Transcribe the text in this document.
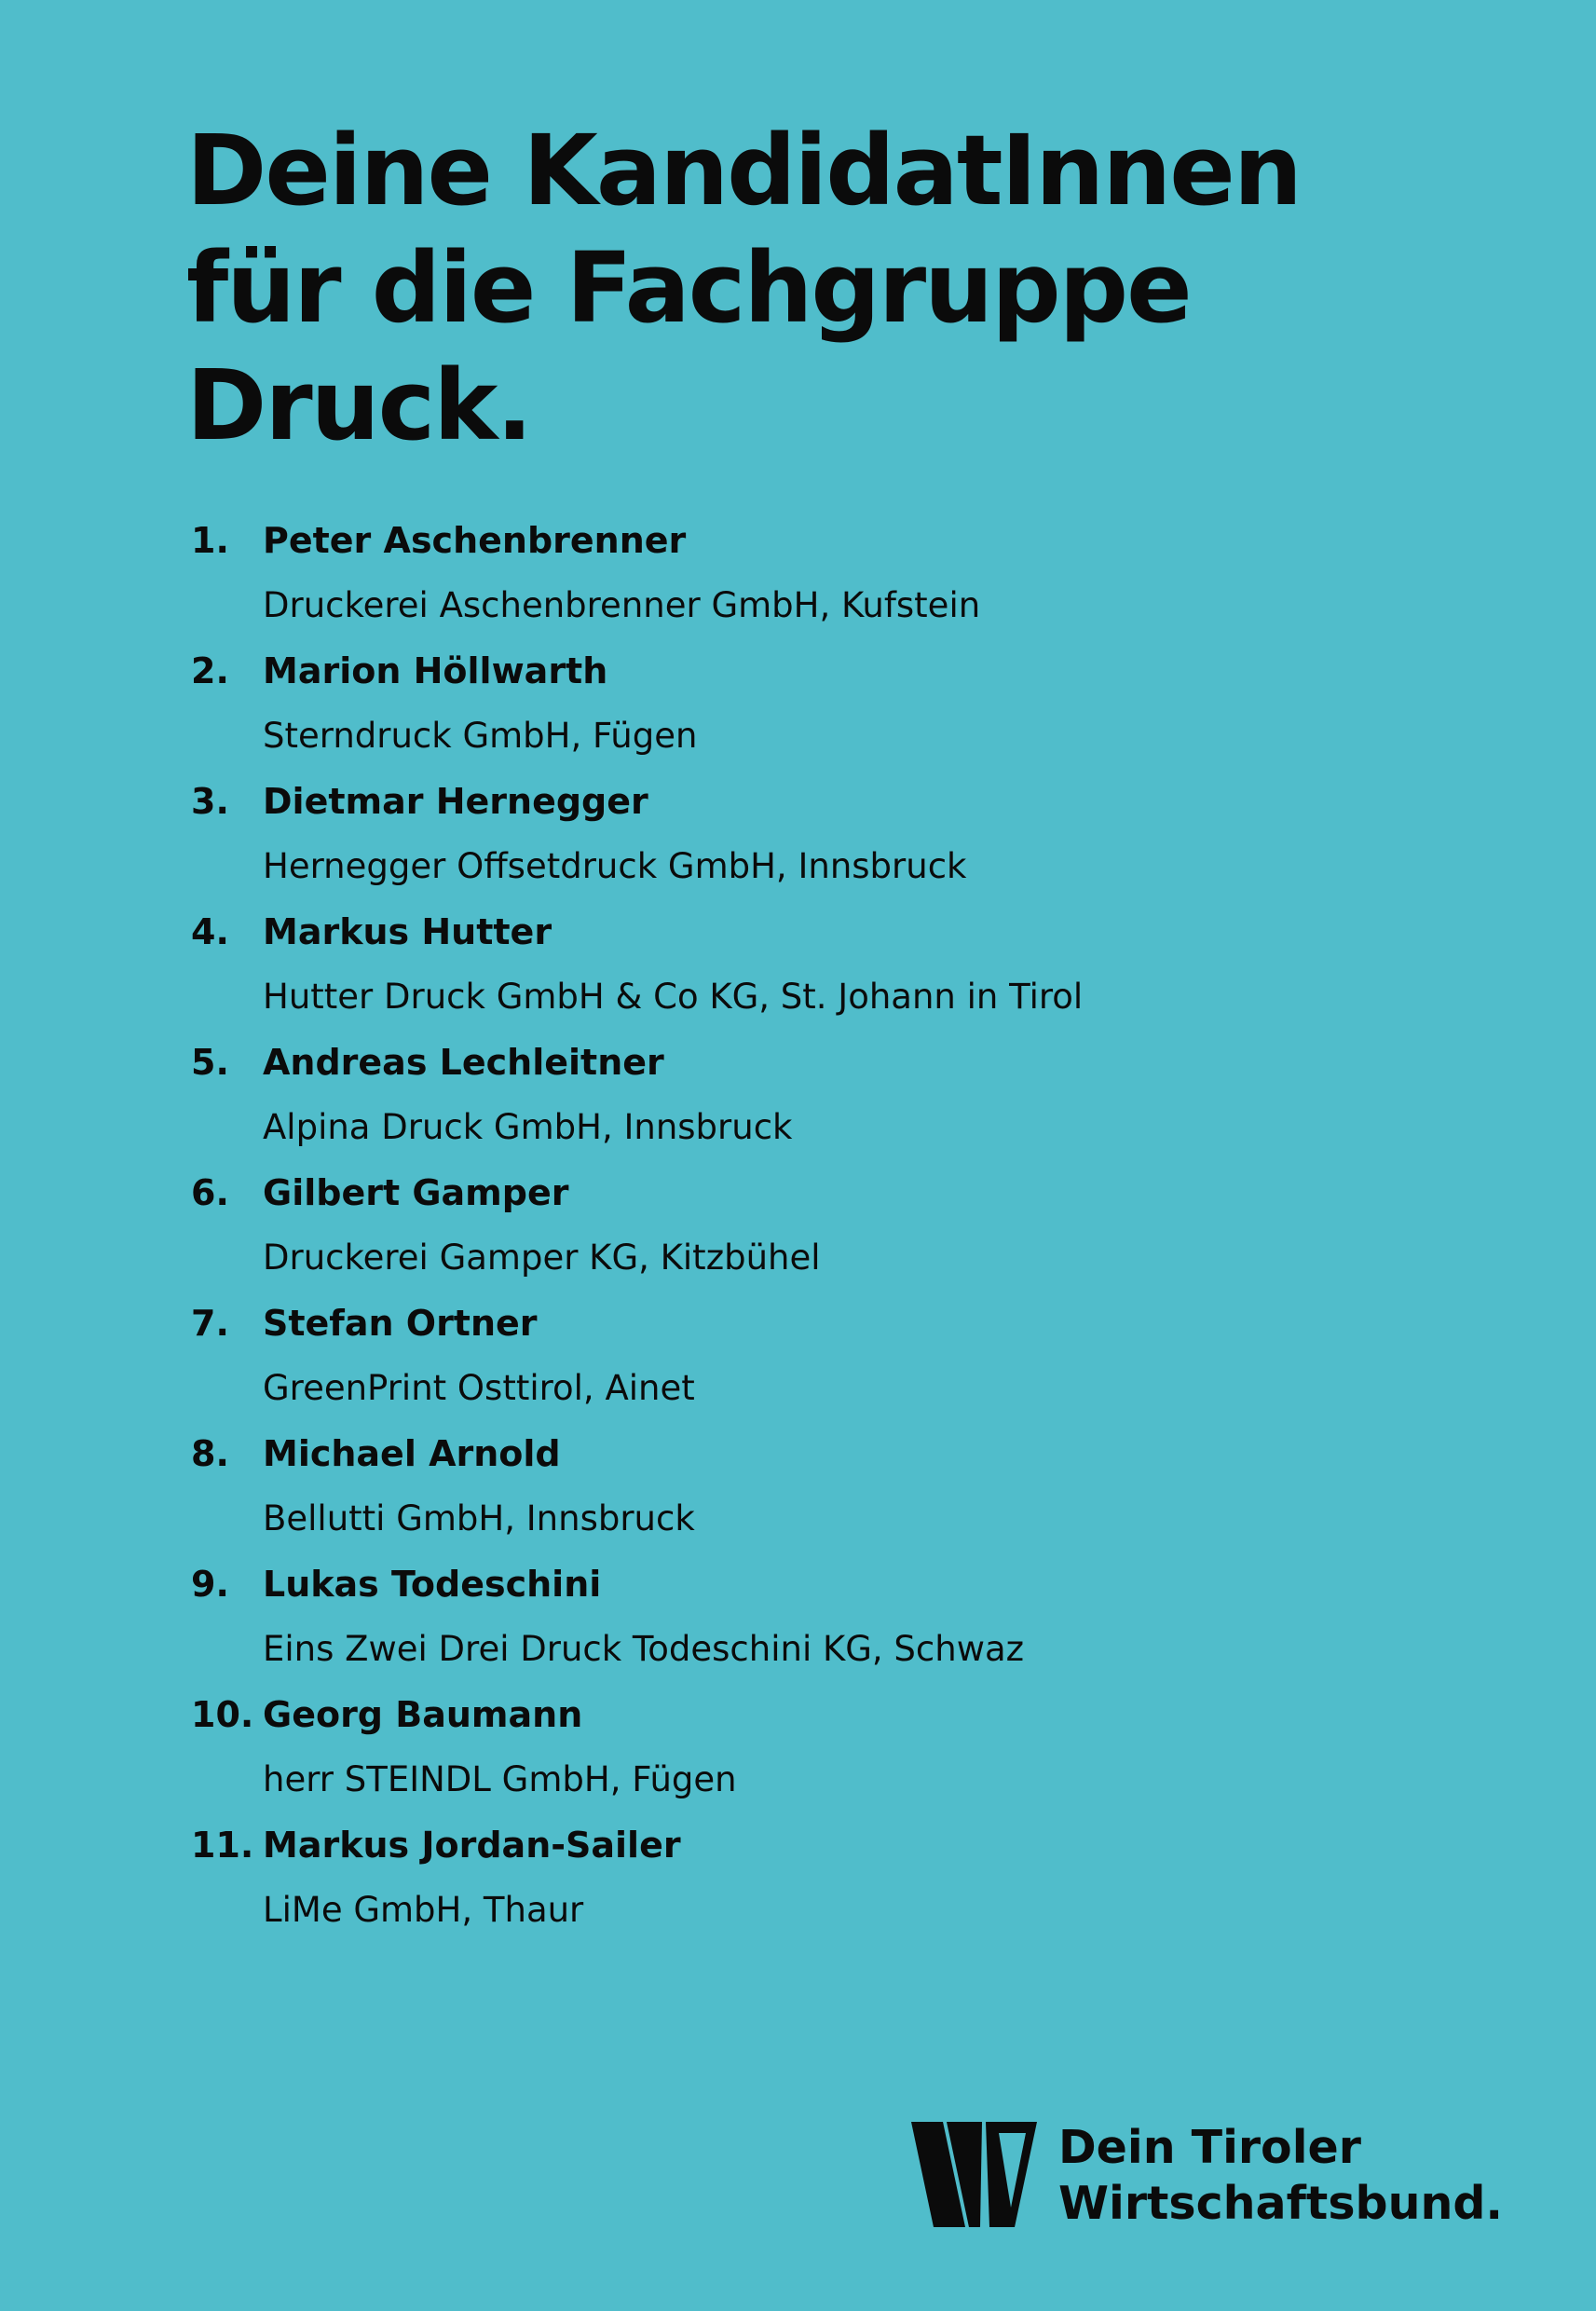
Deine KandidatInnen
für die Fachgruppe
Druck.
1. Peter Aschenbrenner
Druckerei Aschenbrenner GmbH, Kufstein
2. Marion Höllwarth
Sterndruck GmbH, Fügen
3. Dietmar Hernegger
Hernegger Offsetdruck GmbH, Innsbruck
4. Markus Hutter
Hutter Druck GmbH & Co KG, St. Johann in Tirol
5. Andreas Lechleitner
Alpina Druck GmbH, Innsbruck
6. Gilbert Gamper
Druckerei Gamper KG, Kitzbühel
7. Stefan Ortner
GreenPrint Osttirol, Ainet
8. Michael Arnold
Bellutti GmbH, Innsbruck
9. Lukas Todeschini
Eins Zwei Drei Druck Todeschini KG, Schwaz
10. Georg Baumann
herr STEINDL GmbH, Fügen
11. Markus Jordan-Sailer
LiMe GmbH, Thaur
Dein Tiroler
Wirtschaftsbund.
